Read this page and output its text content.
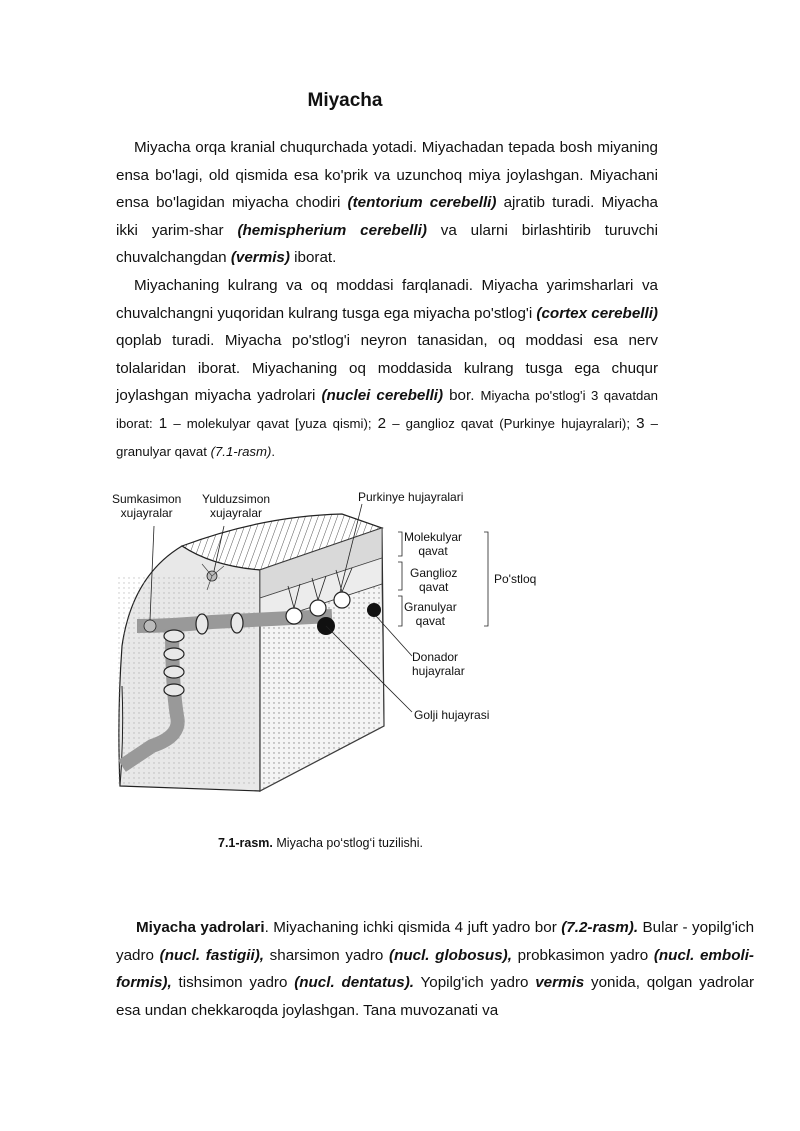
Miyacha
Miyacha orqa kranial chuqurchada yotadi. Miyachadan tepada bosh miyaning ensa bo'lagi, old qismida esa ko'prik va uzunchoq miya joylashgan. Miyachani ensa bo'lagidan miyacha chodiri (tentorium cerebelli) ajratib turadi. Miyacha ikki yarim-shar (hemispherium cerebelli) va ularni birlashtirib turuvchi chuvalchangdan (vermis) iborat.
Miyachaning kulrang va oq moddasi farqlanadi. Miyacha yarimsharlari va chuvalchangni yuqoridan kulrang tusga ega miyacha po'stlog'i (cortex cerebelli) qoplab turadi. Miyacha po'stlog'i neyron tanasidan, oq moddasi esa nerv tolalaridan iborat. Miyachaning oq moddasida kulrang tusga ega chuqur joylashgan miyacha yadrolari (nuclei cerebelli) bor. Miyacha po'stlog'i 3 qavatdan iborat: 1 – molekulyar qavat [yuza qismi); 2 – ganglioz qavat (Purkinye hujayralari); 3 – granulyar qavat (7.1-rasm).
Sumkasimon
xujayralar
Yulduzsimon
xujayralar
Purkinye hujayralari
Molekulyar
qavat
Ganglioz
qavat
Granulyar
qavat
Po'stloq
Donador
hujayralar
Golji hujayrasi
7.1-rasm. Miyacha po‘stlog‘i tuzilishi.
Miyacha yadrolari. Miyachaning ichki qismida 4 juft yadro bor (7.2-rasm). Bular - yopilg'ich yadro (nucl. fastigii), sharsimon yadro (nucl. globosus), probkasimon yadro (nucl. emboli-formis), tishsimon yadro (nucl. dentatus). Yopilg'ich yadro vermis yonida, qolgan yadrolar esa undan chekkaroqda joylashgan. Tana muvozanati va
